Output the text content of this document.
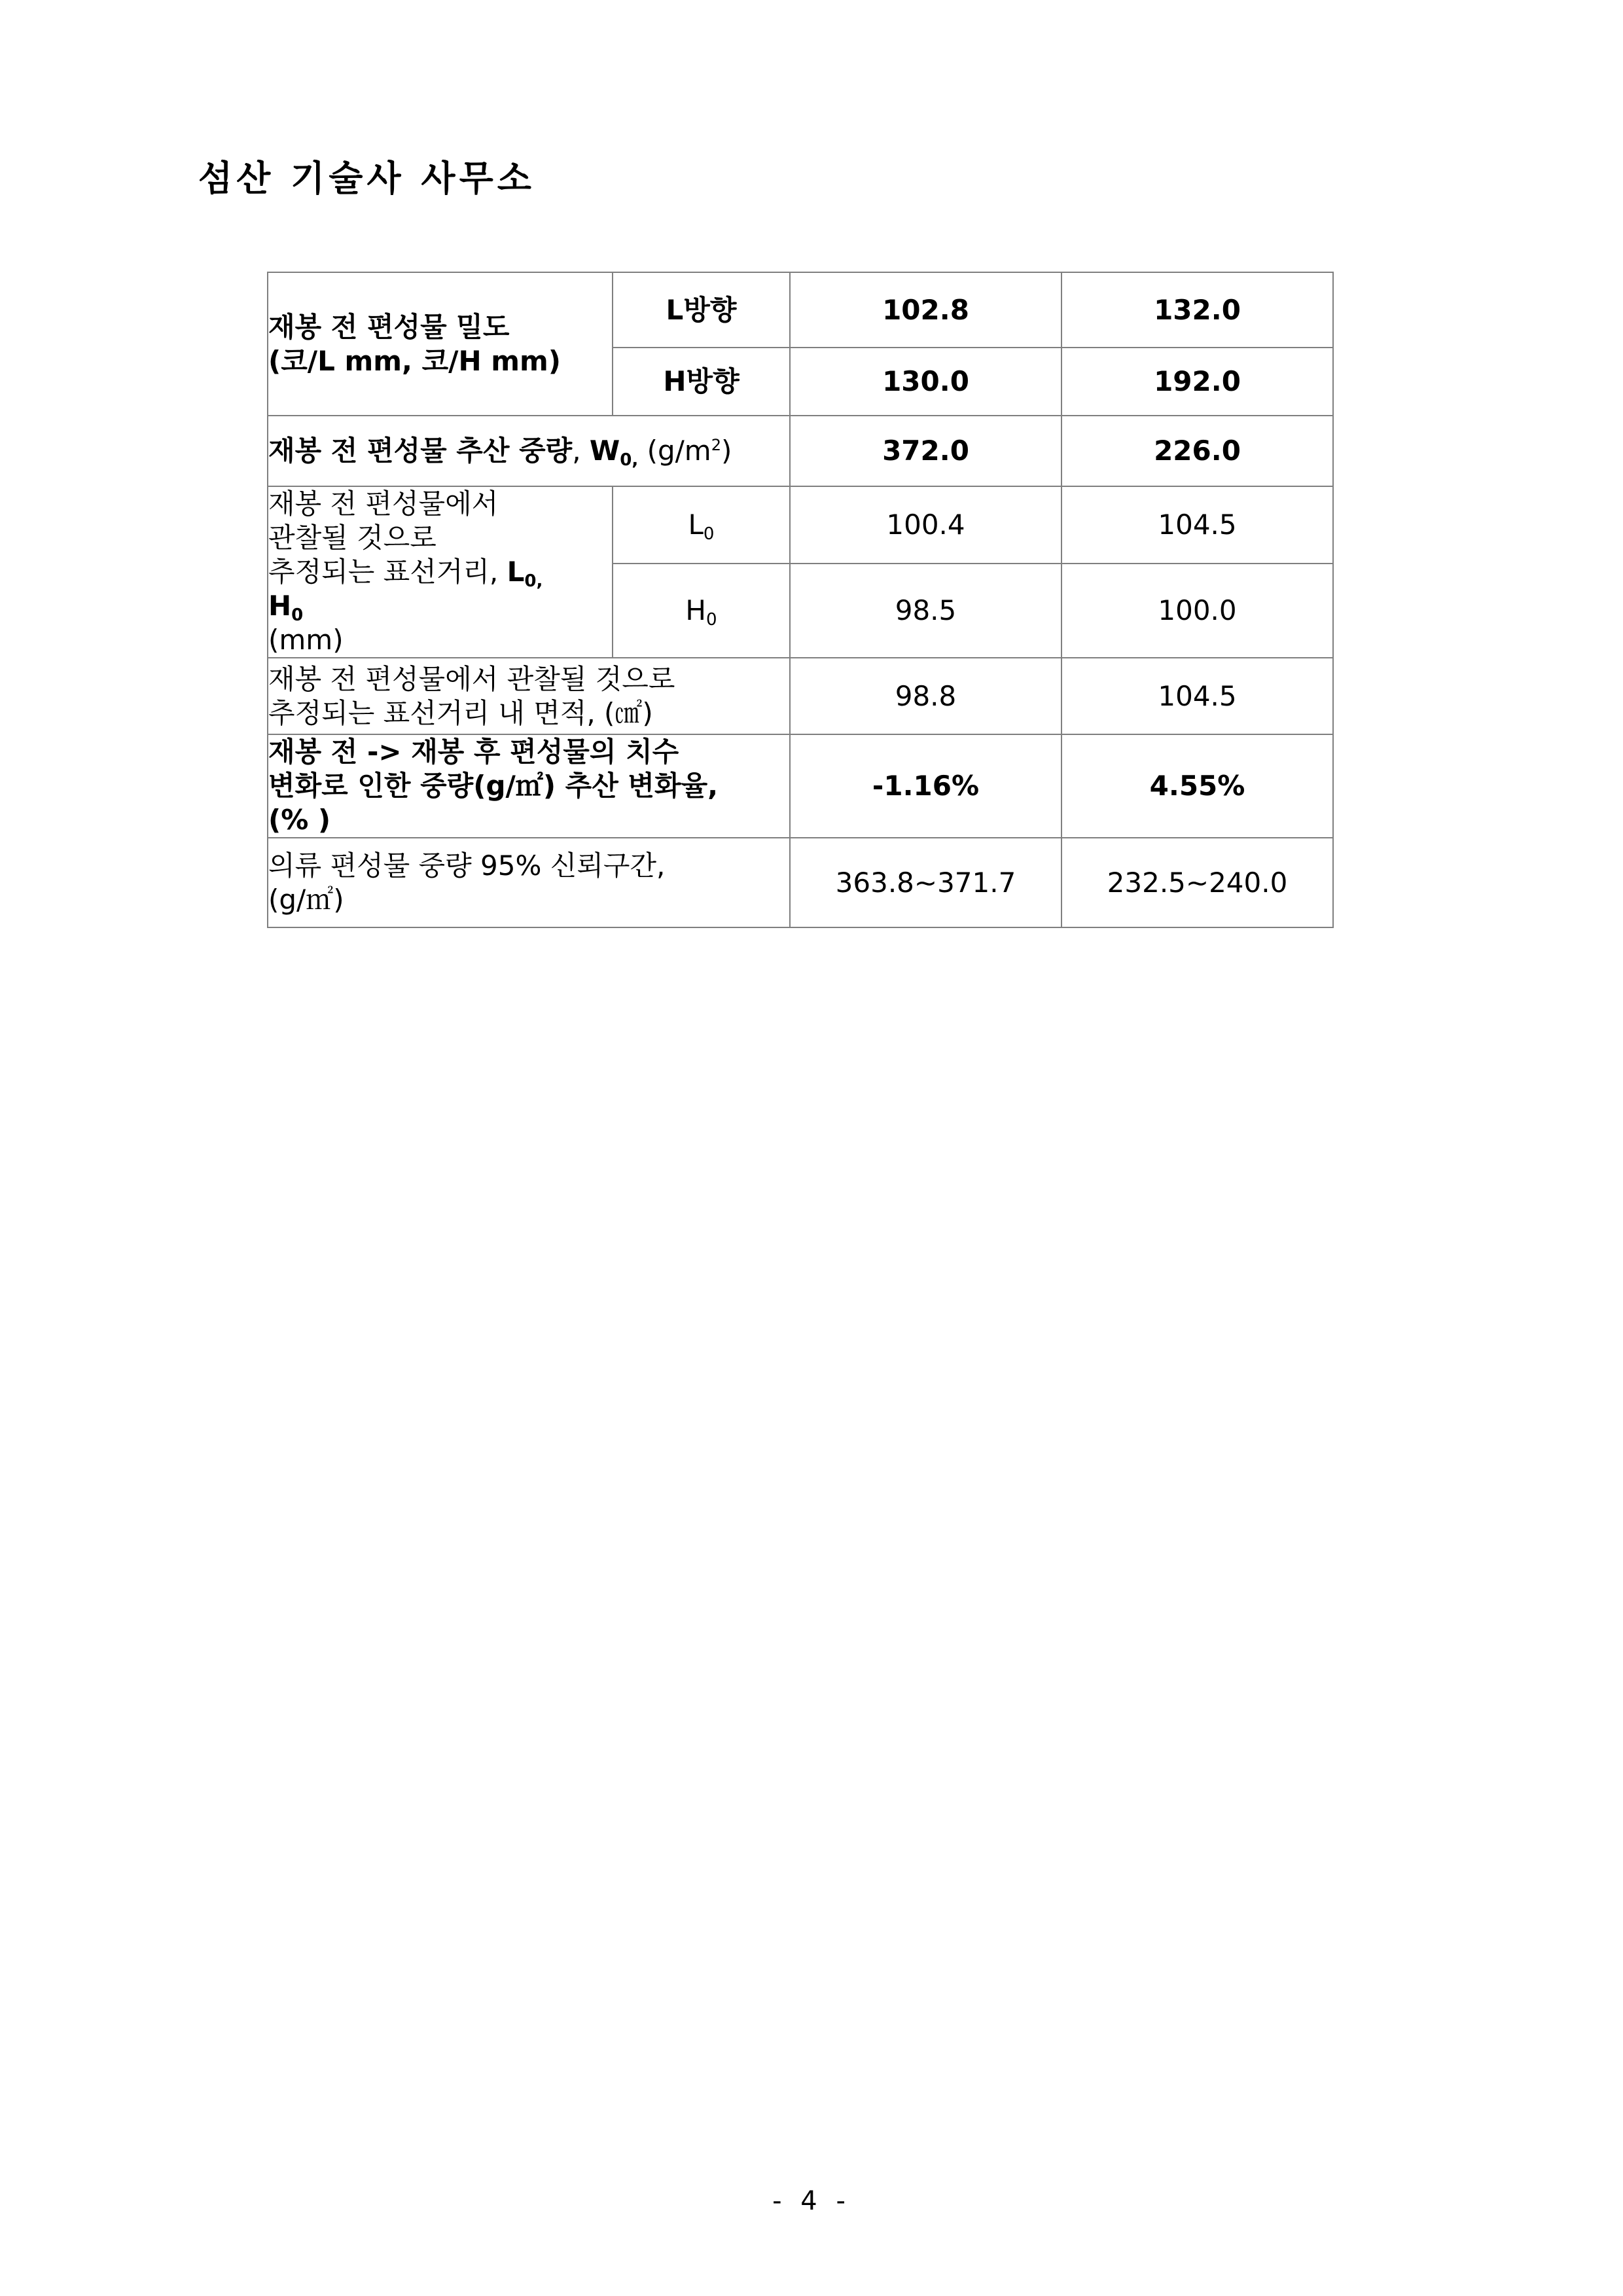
섬산 기술사 사무소
재봉 전 편성물 밀도
(코/L mm, 코/H mm)	L방향	102.8	132.0
	H방향	130.0	192.0
재봉 전 편성물 추산 중량, $W_{0,}$ $(g/m^2)$		372.0	226.0

재봉 전 편성물에서
관찰될 것으로
추정되는 표선거리, $L_{0,}$
$H_0$
(mm)	$L_0$	100.4	104.5
	$H_0$	98.5	100.0

재봉 전 편성물에서 관찰될 것으로
추정되는 표선거리 내 면적, (㎠)		98.8	104.5

재봉 전 -> 재봉 후 편성물의 치수
변화로 인한 중량(g/㎡) 추산 변화율,
(% )		-1.16%	4.55%

의류 편성물 중량 95% 신뢰구간,
(g/㎡)		363.8~371.7	232.5~240.0
- 4 -
